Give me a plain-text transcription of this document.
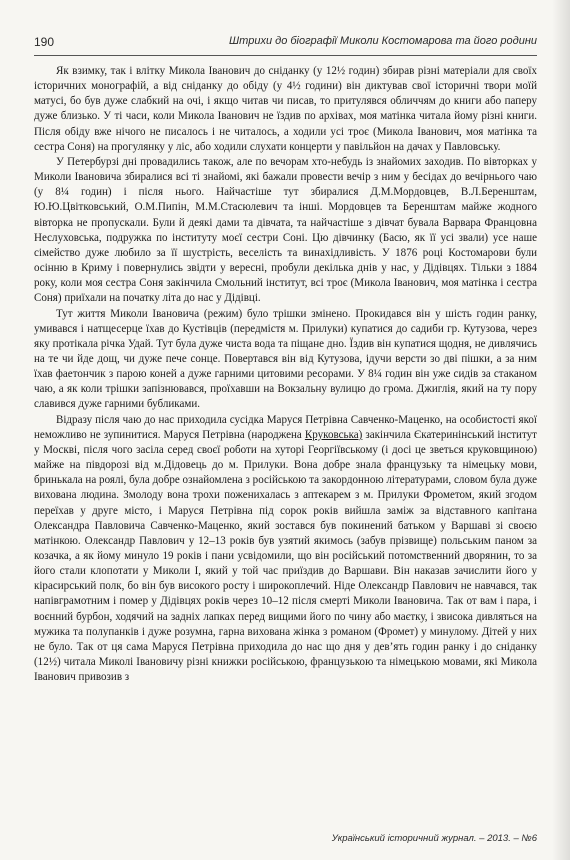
190	Штрихи до біографії Миколи Костомарова та його родини

Як взимку, так і влітку Микола Іванович до сніданку (у 12½ годин) збирав різні матеріали для своїх історичних монографій, а від сніданку до обіду (у 4½ години) він диктував свої історичні твори моїй матусі, бо був дуже слабкий на очі, і якщо читав чи писав, то притулявся обличчям до книги або паперу дуже близько. У ті часи, коли Микола Іванович не їздив по архівах, моя матінка читала йому різні книги. Після обіду вже нічого не писалось і не читалось, а ходили усі троє (Микола Іванович, моя матінка та сестра Соня) на прогулянку у ліс, або ходили слухати концерти у павільйон на дачах у Павловську.

У Петербурзі дні провадились також, але по вечорам хто-небудь із знайомих заходив. По вівторках у Миколи Івановича збиралися всі ті знайомі, які бажали провести вечір з ним у бесідах до вечірнього чаю (у 8¼ годин) і після нього. Найчастіше тут збиралися Д.М.Мордовцев, В.Л.Беренштам, Ю.Ю.Цвітковський, О.М.Пипін, М.М.Стасюлевич та інші. Мордовцев та Беренштам майже жодного вівторка не пропускали. Були й деякі дами та дівчата, та найчастіше з дівчат бувала Варвара Францовна Неслуховська, подружка по інституту моєї сестри Соні. Цю дівчинку (Басю, як її усі звали) усе наше сімейство дуже любило за її шустрість, веселість та винахідливість. У 1876 році Костомарови були осінню в Криму і повернулись звідти у вересні, пробули декілька днів у нас, у Дідівцях. Тільки з 1884 року, коли моя сестра Соня закінчила Смольний інститут, всі троє (Микола Іванович, моя матінка і сестра Соня) приїхали на початку літа до нас у Дідівці.

Тут життя Миколи Івановича (режим) було трішки змінено. Прокидався він у шість годин ранку, умивався і натщесерце їхав до Кустівців (передмістя м. Прилуки) купатися до садиби гр. Кутузова, через яку протікала річка Удай. Тут була дуже чиста вода та піщане дно. Їздив він купатися щодня, не дивлячись на те чи йде дощ, чи дуже пече сонце. Повертався він від Кутузова, ідучи версти зо дві пішки, а за ним їхав фаетончик з парою коней а дуже гарними цитовими ресорами. У 8¼ годин він уже сидів за стаканом чаю, а як коли трішки запізнювався, проїхавши на Вокзальну вулицю до грома. Джиглія, який на ту пору славився дуже гарними бубликами.

Відразу після чаю до нас приходила сусідка Маруся Петрівна Савченко-Маценко, на особистості якої неможливо не зупинитися. Маруся Петрівна (народжена Круковська) закінчила Єкатеринінський інститут у Москві, після чого засіла серед своєї роботи на хуторі Георгіївському (і досі це зветься круковщиною) майже на півдорозі від м.Дідовець до м. Прилуки. Вона добре знала французьку та німецьку мови, бринькала на роялі, була добре ознайомлена з російською та закордонною літературами, словом була дуже вихована людина. Змолоду вона трохи поженихалась з аптекарем з м. Прилуки Фрометом, який згодом переїхав у друге місто, і Маруся Петрівна під сорок років вийшла заміж за відставного капітана Олександра Павловича Савченко-Маценко, який зостався був покинений батьком у Варшаві зі своєю матінкою. Олександр Павлович у 12–13 років був узятий якимось (забув прізвище) польським паном за козачка, а як йому минуло 19 років і пани усвідомили, що він російський потомственний дворянин, то за його стали клопотати у Миколи І, який у той час приїздив до Варшави. Він наказав зачислити його у кірасирський полк, бо він був високого росту і широкоплечий. Ніде Олександр Павлович не навчався, так напівграмотним і помер у Дідівцях років через 10–12 після смерті Миколи Івановича. Так от вам і пара, і воєнний бурбон, ходячий на задніх лапках перед вищими його по чину або маєтку, і звисока дивляться на мужика та полупанків і дуже розумна, гарна вихована жінка з романом (Фромет) у минулому. Дітей у них не було. Так от ця сама Маруся Петрівна приходила до нас що дня у дев’ять годин ранку і до сніданку (12½) читала Миколі Івановичу різні книжки російською, французькою та німецькою мовами, які Микола Іванович привозив з

Український історичний журнал. – 2013. – №6
